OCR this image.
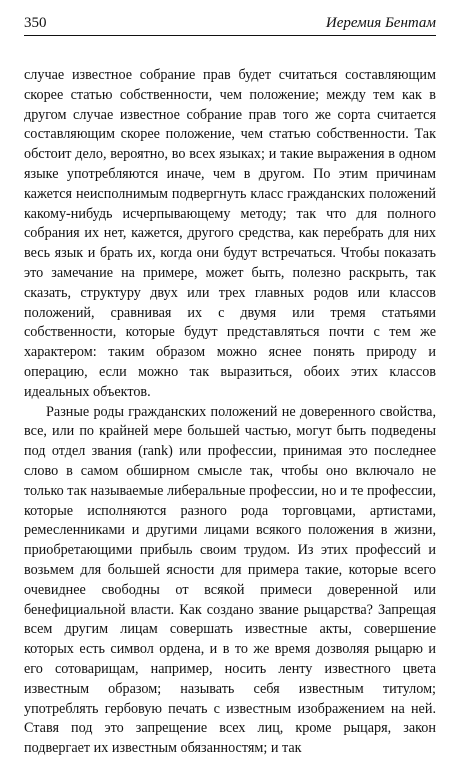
350	Иеремия Бентам

случае известное собрание прав будет считаться составляющим скорее статью собственности, чем положение; между тем как в другом случае известное собрание прав того же сорта считается составляющим скорее положение, чем статью собственности. Так обстоит дело, вероятно, во всех языках; и такие выражения в одном языке употребляются иначе, чем в другом. По этим причинам кажется неисполнимым подвергнуть класс гражданских положений какому-нибудь исчерпывающему методу; так что для полного собрания их нет, кажется, другого средства, как перебрать для них весь язык и брать их, когда они будут встречаться. Чтобы показать это замечание на примере, может быть, полезно раскрыть, так сказать, структуру двух или трех главных родов или классов положений, сравнивая их с двумя или тремя статьями собственности, которые будут представляться почти с тем же характером: таким образом можно яснее понять природу и операцию, если можно так выразиться, обоих этих классов идеальных объектов.

Разные роды гражданских положений не доверенного свойства, все, или по крайней мере большей частью, могут быть подведены под отдел звания (rank) или профессии, принимая это последнее слово в самом обширном смысле так, чтобы оно включало не только так называемые либеральные профессии, но и те профессии, которые исполняются разного рода торговцами, артистами, ремесленниками и другими лицами всякого положения в жизни, приобретающими прибыль своим трудом. Из этих профессий и возьмем для большей ясности для примера такие, которые всего очевиднее свободны от всякой примеси доверенной или бенефициальной власти. Как создано звание рыцарства? Запрещая всем другим лицам совершать известные акты, совершение которых есть символ ордена, и в то же время дозволяя рыцарю и его сотоварищам, например, носить ленту известного цвета известным образом; называть себя известным титулом; употреблять гербовую печать с известным изображением на ней. Ставя под это запрещение всех лиц, кроме рыцаря, закон подвергает их известным обязанностям; и так
